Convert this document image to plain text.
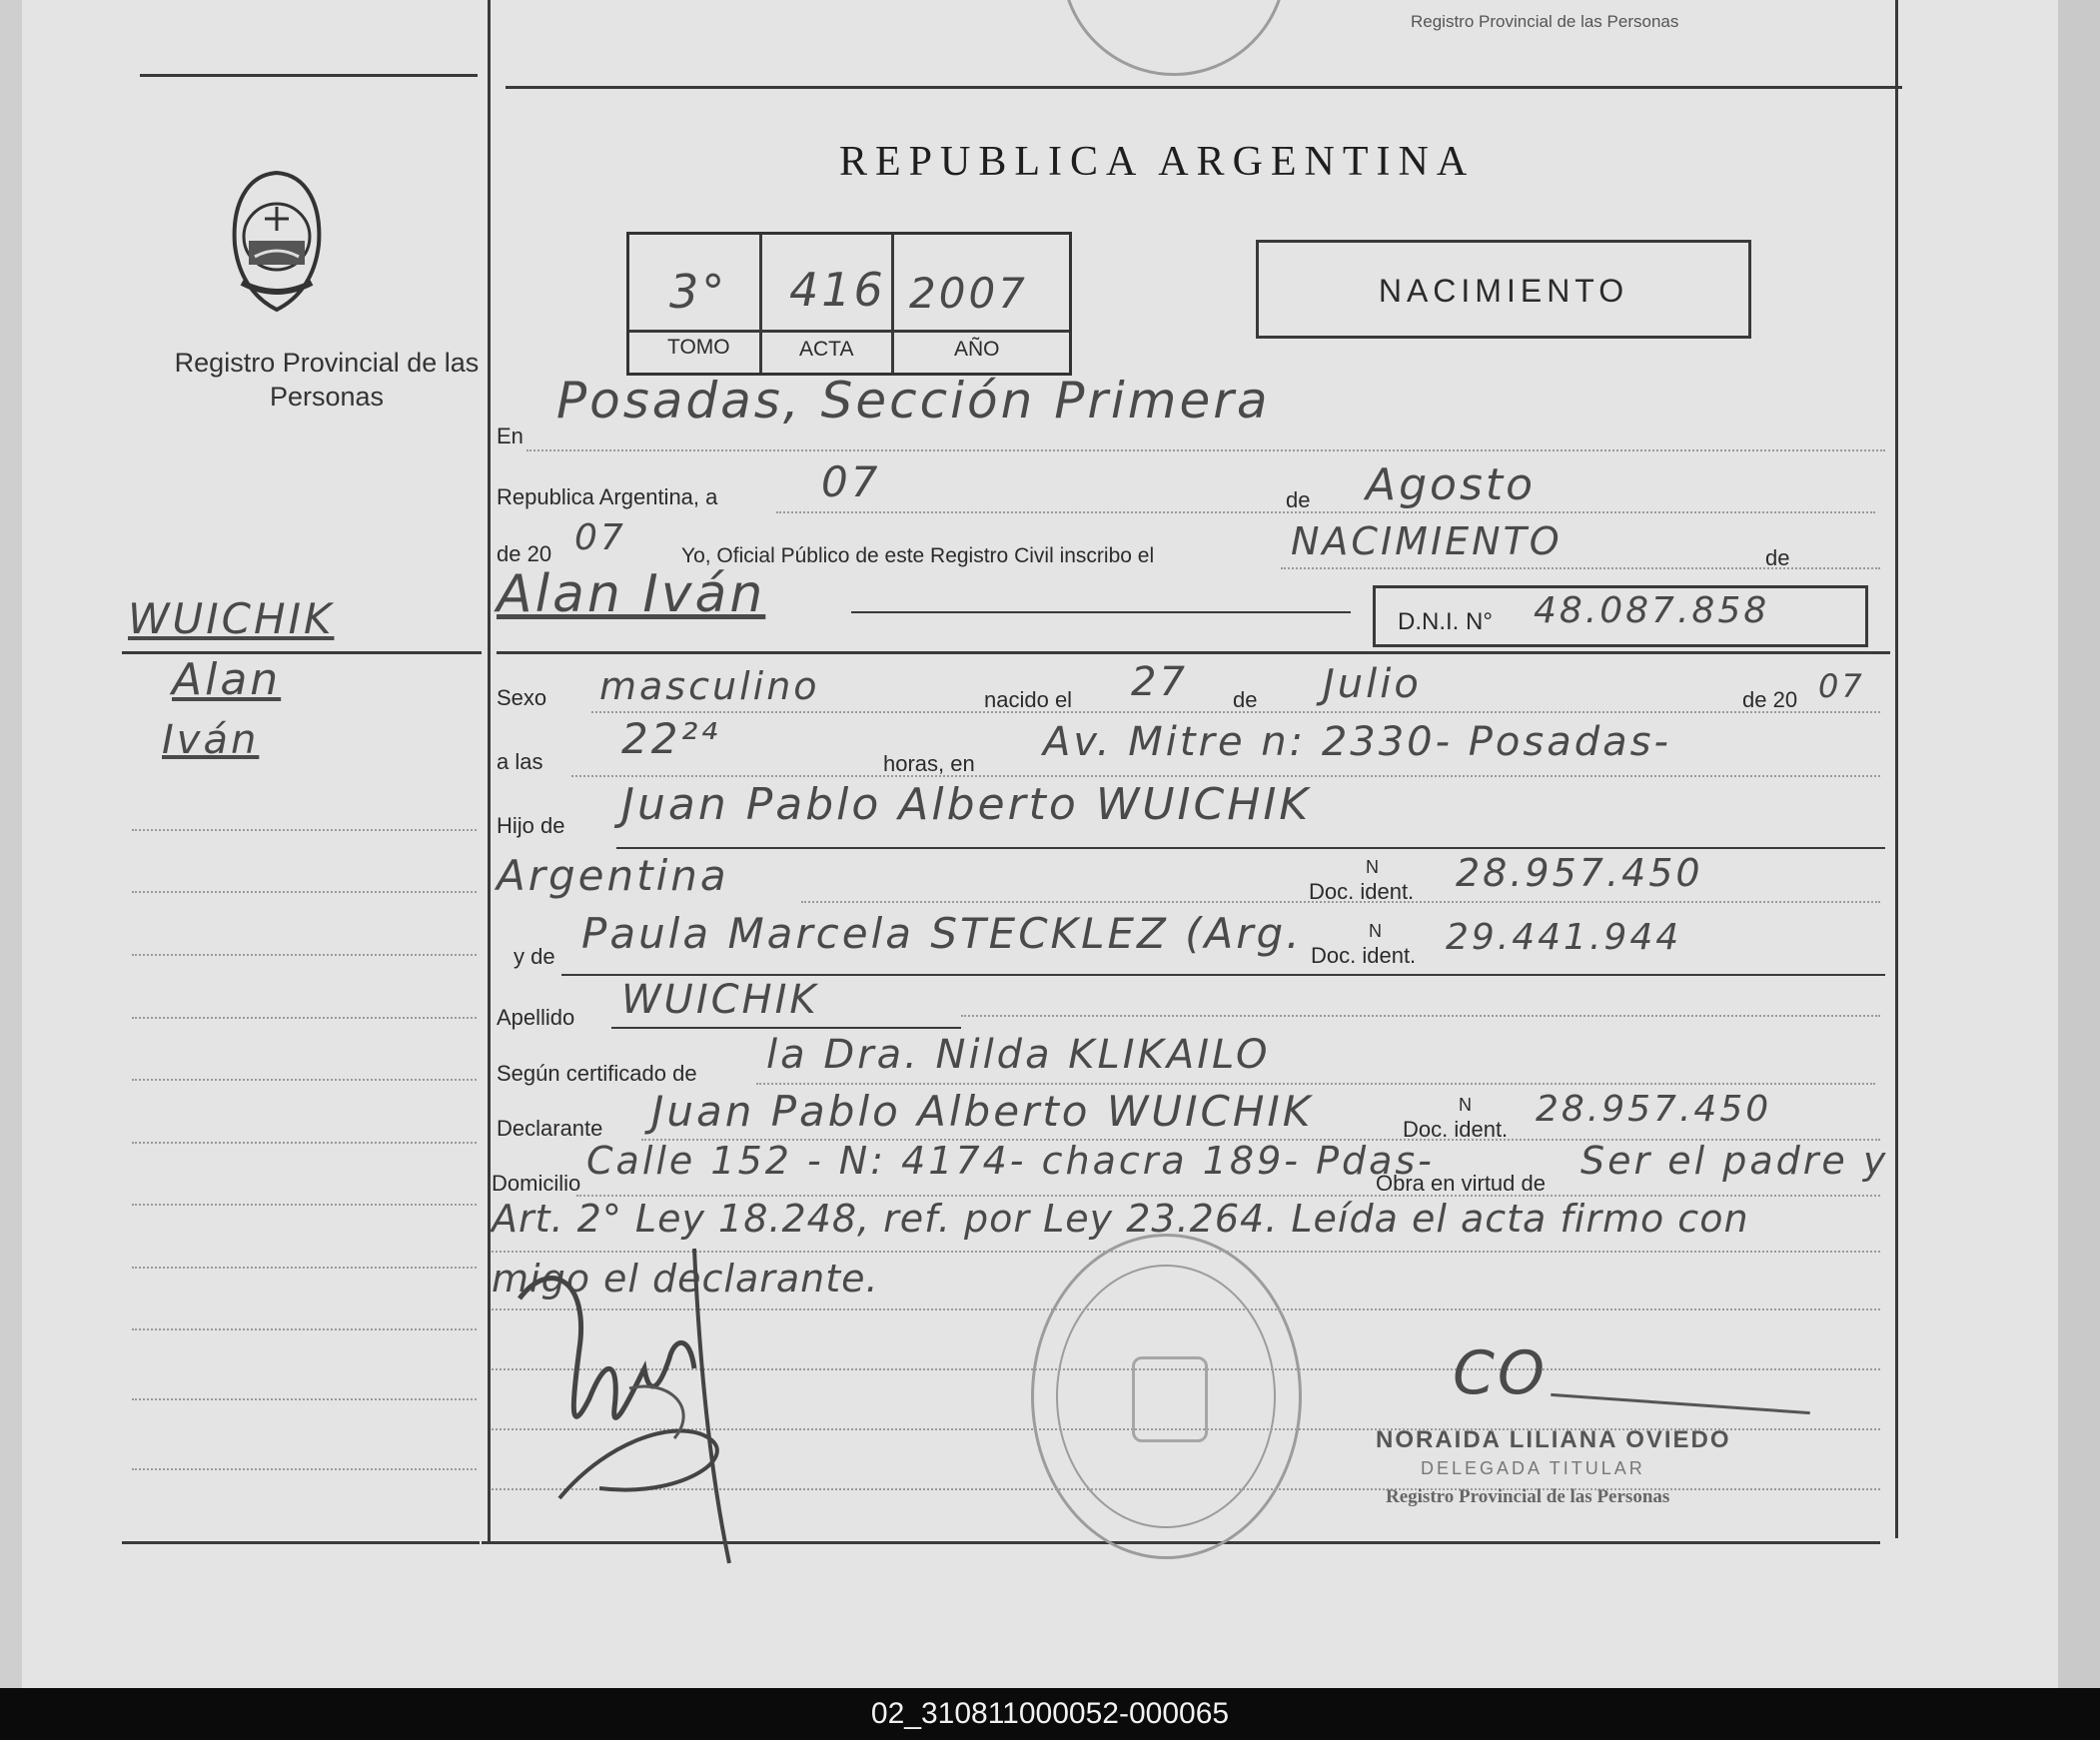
Registro Provincial de las Personas
Registro Provincial de las Personas
WUICHIK
Alan
Iván
REPUBLICA ARGENTINA
3° 416 2007
TOMO	ACTA	AÑO
NACIMIENTO
En
Posadas, Sección Primera
Republica Argentina, a 07	de Agosto
de 20 07	Yo, Oficial Público de este Registro Civil inscribo el	NACIMIENTO	de
Alan Iván	D.N.I. N° 48.087.858
Sexo masculino	nacido el 27 de Julio	de 20 07
a las 22²⁴
horas, en Av. Mitre n: 2330- Posadas-
Hijo de Juan Pablo Alberto WUICHIK
Argentina	Doc. ident.
N 28.957.450
y de Paula Marcela STECKLEZ (Arg. Doc. ident.
N 29.441.944
Apellido WUICHIK
Según certificado de la Dra. Nilda KLIKAILO
Declarante Juan Pablo Alberto WUICHIK	Doc. ident.
N 28.957.450
Domicilio
Calle 152 - N: 4174- chacra 189- Pdas-
Obra en virtud de
Ser el padre y
Art. 2° Ley 18.248, ref. por Ley 23.264. Leída el acta firmo con
migo el declarante.
CO
NORAIDA LILIANA OVIEDO
DELEGADA TITULAR
Registro Provincial de las Personas
02_310811000052-000065
